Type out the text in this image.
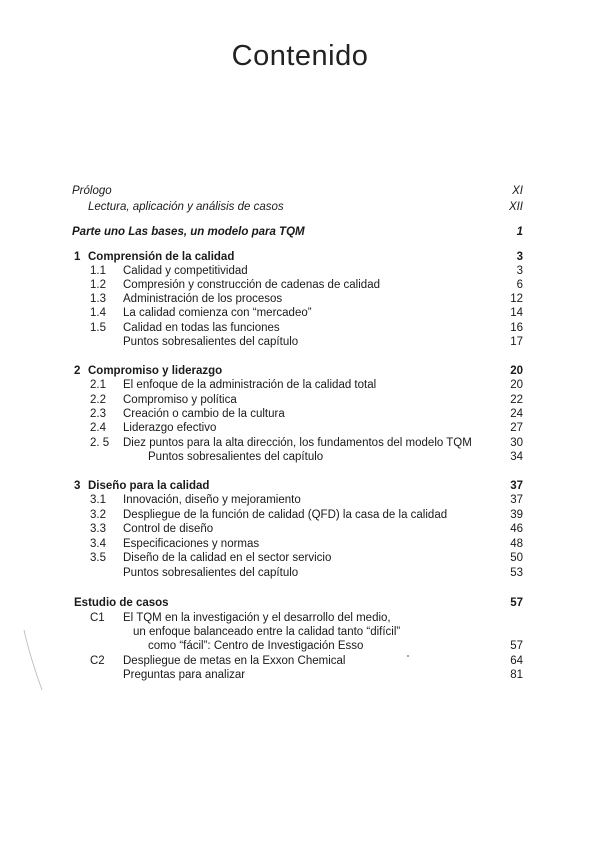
Contenido
Prólogo	XI
Lectura, aplicación y análisis de casos	XII
Parte uno Las bases, un modelo para TQM	1
1 Comprensión de la calidad	3
1.1 Calidad y competitividad	3
1.2 Compresión y construcción de cadenas de calidad	6
1.3 Administración de los procesos	12
1.4 La calidad comienza con “mercadeo”	14
1.5 Calidad en todas las funciones	16
Puntos sobresalientes del capítulo	17
2 Compromiso y liderazgo	20
2.1 El enfoque de la administración de la calidad total	20
2.2 Compromiso y política	22
2.3 Creación o cambio de la cultura	24
2.4 Liderazgo efectivo	27
2. 5 Diez puntos para la alta dirección, los fundamentos del modelo TQM	30
Puntos sobresalientes del capítulo	34
3 Diseño para la calidad	37
3.1 Innovación, diseño y mejoramiento	37
3.2 Despliegue de la función de calidad (QFD) la casa de la calidad	39
3.3 Control de diseño	46
3.4 Especificaciones y normas	48
3.5 Diseño de la calidad en el sector servicio	50
Puntos sobresalientes del capítulo	53
Estudio de casos	57
C1 El TQM en la investigación y el desarrollo del medio,
un enfoque balanceado entre la calidad tanto “difícil”
como “fácil”: Centro de Investigación Esso	57
C2 Despliegue de metas en la Exxon Chemical	64
Preguntas para analizar	81
